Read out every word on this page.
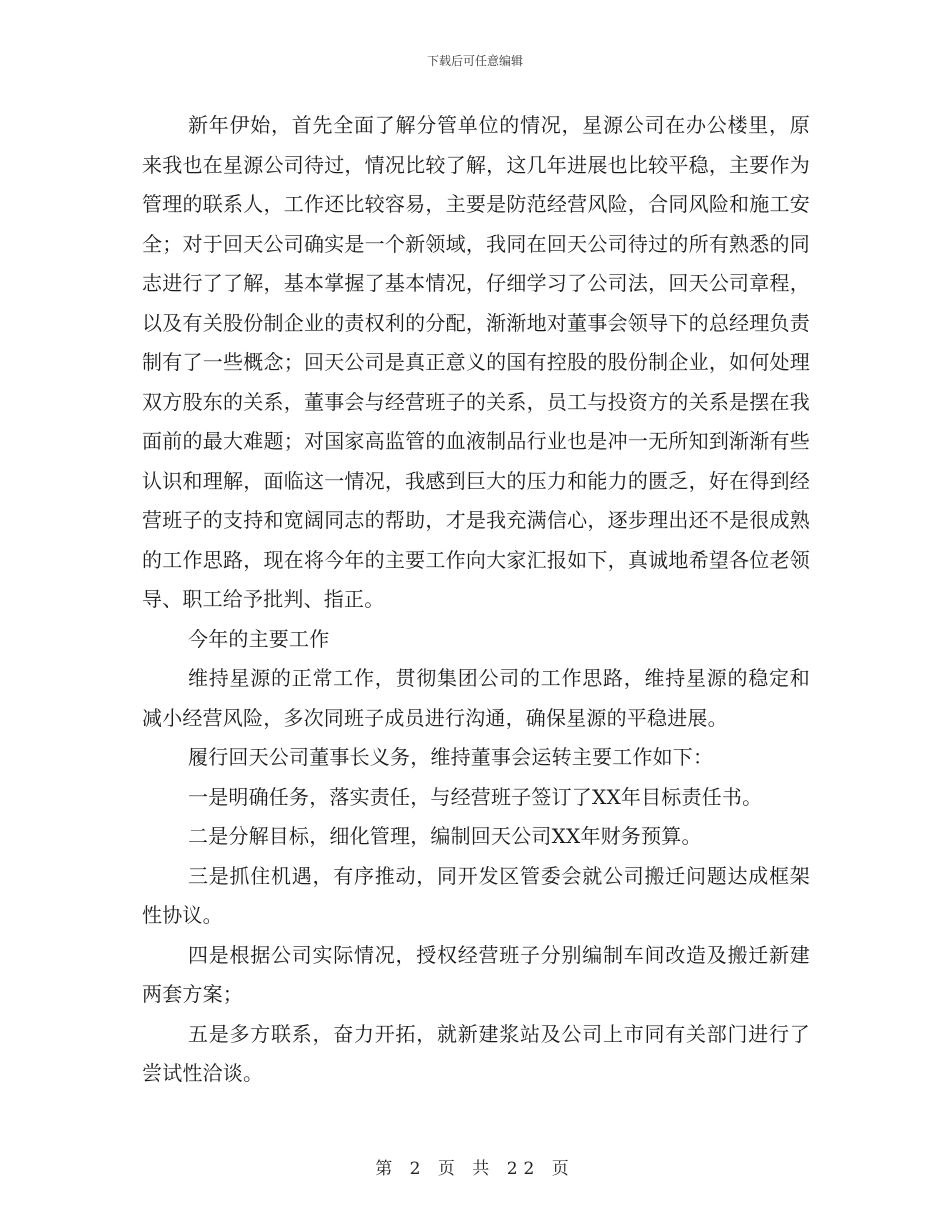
下载后可任意编辑

新年伊始，首先全面了解分管单位的情况，星源公司在办公楼里，原来我也在星源公司待过，情况比较了解，这几年进展也比较平稳，主要作为管理的联系人，工作还比较容易，主要是防范经营风险，合同风险和施工安全；对于回天公司确实是一个新领域，我同在回天公司待过的所有熟悉的同志进行了了解，基本掌握了基本情况，仔细学习了公司法，回天公司章程，以及有关股份制企业的责权利的分配，渐渐地对董事会领导下的总经理负责制有了一些概念；回天公司是真正意义的国有控股的股份制企业，如何处理双方股东的关系，董事会与经营班子的关系，员工与投资方的关系是摆在我面前的最大难题；对国家高监管的血液制品行业也是冲一无所知到渐渐有些认识和理解，面临这一情况，我感到巨大的压力和能力的匮乏，好在得到经营班子的支持和宽阔同志的帮助，才是我充满信心，逐步理出还不是很成熟的工作思路，现在将今年的主要工作向大家汇报如下，真诚地希望各位老领导、职工给予批判、指正。

今年的主要工作

维持星源的正常工作，贯彻集团公司的工作思路，维持星源的稳定和减小经营风险，多次同班子成员进行沟通，确保星源的平稳进展。

履行回天公司董事长义务，维持董事会运转主要工作如下：

一是明确任务，落实责任，与经营班子签订了XX年目标责任书。

二是分解目标，细化管理，编制回天公司XX年财务预算。

三是抓住机遇，有序推动，同开发区管委会就公司搬迁问题达成框架性协议。

四是根据公司实际情况，授权经营班子分别编制车间改造及搬迁新建两套方案；

五是多方联系，奋力开拓，就新建浆站及公司上市同有关部门进行了尝试性洽谈。

第 2 页 共 22 页
